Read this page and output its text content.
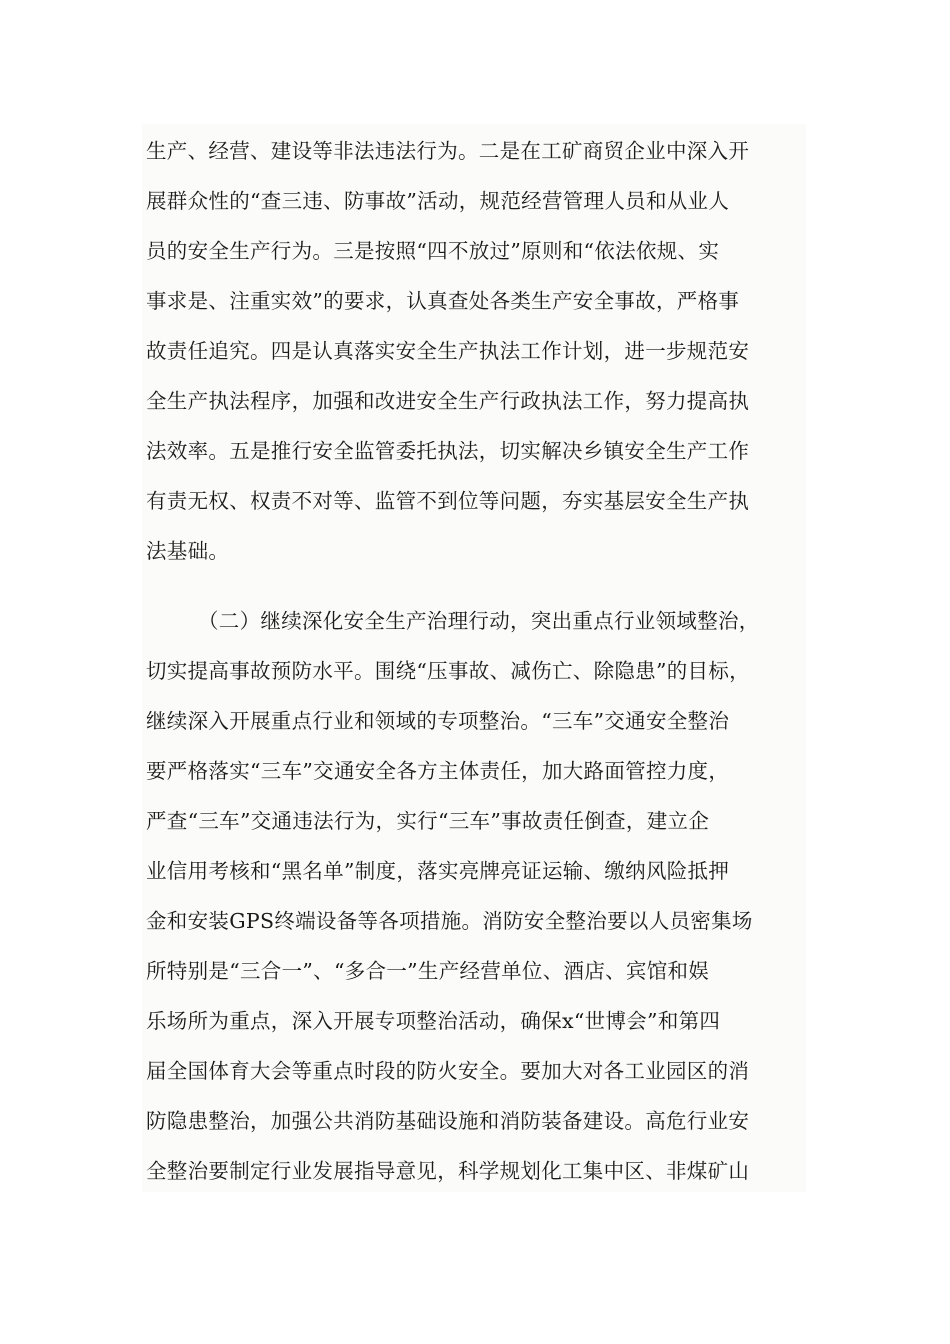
生产、经营、建设等非法违法行为。二是在工矿商贸企业中深入开
展群众性的“查三违、防事故”活动，规范经营管理人员和从业人
员的安全生产行为。三是按照“四不放过”原则和“依法依规、实
事求是、注重实效”的要求，认真查处各类生产安全事故，严格事
故责任追究。四是认真落实安全生产执法工作计划，进一步规范安
全生产执法程序，加强和改进安全生产行政执法工作，努力提高执
法效率。五是推行安全监管委托执法，切实解决乡镇安全生产工作
有责无权、权责不对等、监管不到位等问题，夯实基层安全生产执
法基础。
（二）继续深化安全生产治理行动，突出重点行业领域整治，
切实提高事故预防水平。围绕“压事故、减伤亡、除隐患”的目标，
继续深入开展重点行业和领域的专项整治。“三车”交通安全整治
要严格落实“三车”交通安全各方主体责任，加大路面管控力度，
严查“三车”交通违法行为，实行“三车”事故责任倒查，建立企
业信用考核和“黑名单”制度，落实亮牌亮证运输、缴纳风险抵押
金和安装GPS终端设备等各项措施。消防安全整治要以人员密集场
所特别是“三合一”、“多合一”生产经营单位、酒店、宾馆和娱
乐场所为重点，深入开展专项整治活动，确保x“世博会”和第四
届全国体育大会等重点时段的防火安全。要加大对各工业园区的消
防隐患整治，加强公共消防基础设施和消防装备建设。高危行业安
全整治要制定行业发展指导意见，科学规划化工集中区、非煤矿山
